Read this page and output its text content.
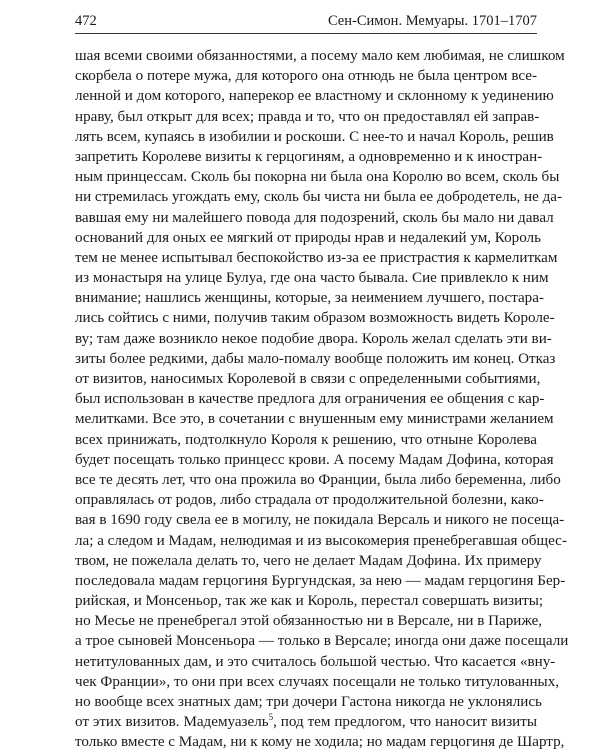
472	Сен-Симон. Мемуары. 1701–1707
шая всеми своими обязанностями, а посему мало кем любимая, не слишком
скорбела о потере мужа, для которого она отнюдь не была центром все-
ленной и дом которого, наперекор ее властному и склонному к уединению
нраву, был открыт для всех; правда и то, что он предоставлял ей заправ-
лять всем, купаясь в изобилии и роскоши. С нее-то и начал Король, решив
запретить Королеве визиты к герцогиням, а одновременно и к иностран-
ным принцессам. Сколь бы покорна ни была она Королю во всем, сколь бы
ни стремилась угождать ему, сколь бы чиста ни была ее добродетель, не да-
вавшая ему ни малейшего повода для подозрений, сколь бы мало ни давал
оснований для оных ее мягкий от природы нрав и недалекий ум, Король
тем не менее испытывал беспокойство из-за ее пристрастия к кармелиткам
из монастыря на улице Булуа, где она часто бывала. Сие привлекло к ним
внимание; нашлись женщины, которые, за неимением лучшего, постара-
лись сойтись с ними, получив таким образом возможность видеть Короле-
ву; там даже возникло некое подобие двора. Король желал сделать эти ви-
зиты более редкими, дабы мало-помалу вообще положить им конец. Отказ
от визитов, наносимых Королевой в связи с определенными событиями,
был использован в качестве предлога для ограничения ее общения с кар-
мелитками. Все это, в сочетании с внушенным ему министрами желанием
всех принижать, подтолкнуло Короля к решению, что отныне Королева
будет посещать только принцесс крови. А посему Мадам Дофина, которая
все те десять лет, что она прожила во Франции, была либо беременна, либо
оправлялась от родов, либо страдала от продолжительной болезни, како-
вая в 1690 году свела ее в могилу, не покидала Версаль и никого не посеща-
ла; а следом и Мадам, нелюдимая и из высокомерия пренебрегавшая общес-
твом, не пожелала делать то, чего не делает Мадам Дофина. Их примеру
последовала мадам герцогиня Бургундская, за нею — мадам герцогиня Бер-
рийская, и Монсеньор, так же как и Король, перестал совершать визиты;
но Месье не пренебрегал этой обязанностью ни в Версале, ни в Париже,
а трое сыновей Монсеньора — только в Версале; иногда они даже посещали
нетитулованных дам, и это считалось большой честью. Что касается «вну-
чек Франции», то они при всех случаях посещали не только титулованных,
но вообще всех знатных дам; три дочери Гастона никогда не уклонялись
от этих визитов. Мадемуазель$^5$, под тем предлогом, что наносит визиты
только вместе с Мадам, ни к кому не ходила; но мадам герцогиня де Шартр,
